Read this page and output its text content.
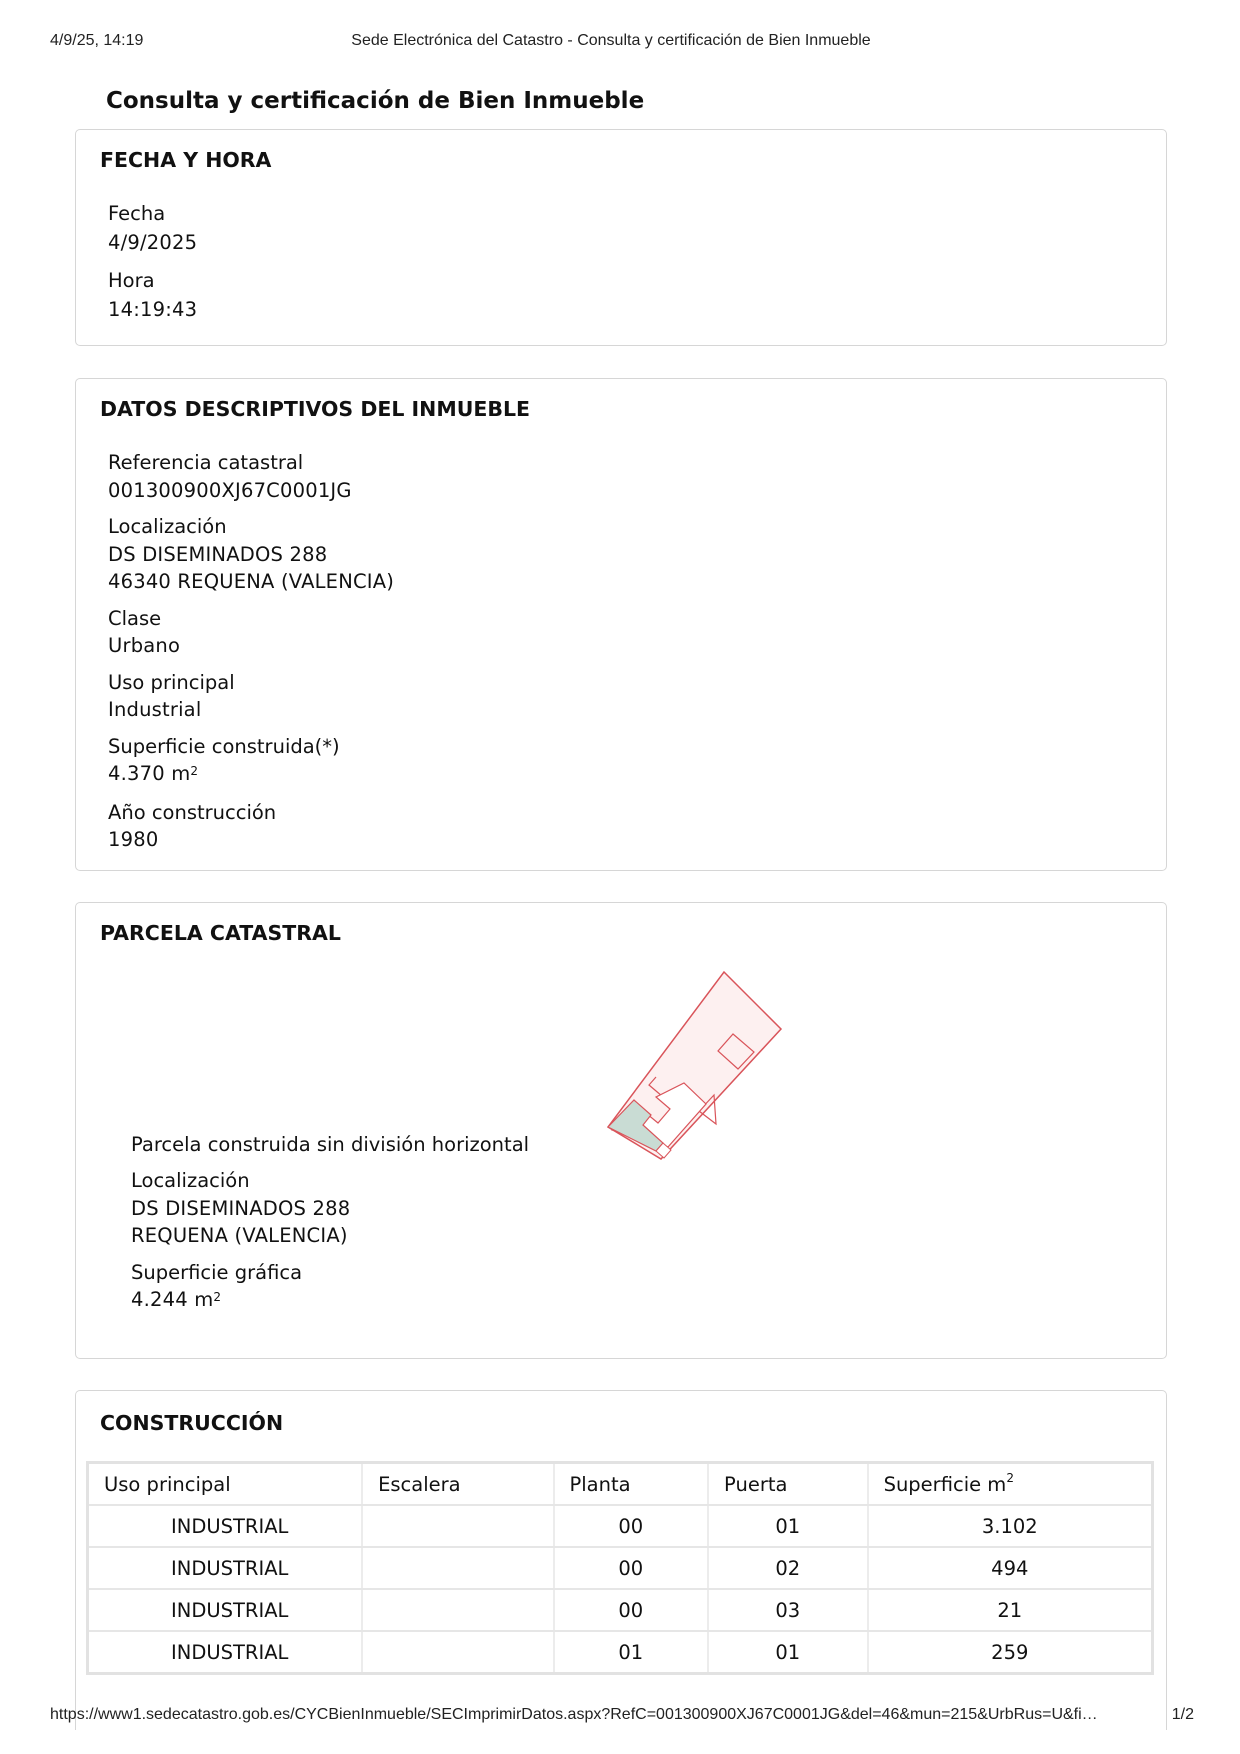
4/9/25, 14:19	Sede Electrónica del Catastro - Consulta y certificación de Bien Inmueble
Consulta y certificación de Bien Inmueble
FECHA Y HORA
Fecha
4/9/2025
Hora
14:19:43
DATOS DESCRIPTIVOS DEL INMUEBLE
Referencia catastral
001300900XJ67C0001JG
Localización
DS DISEMINADOS 288
46340 REQUENA (VALENCIA)
Clase
Urbano
Uso principal
Industrial
Superficie construida(*)
4.370 $m^2$
Año construcción
1980
PARCELA CATASTRAL
Parcela construida sin división horizontal
Localización
DS DISEMINADOS 288
REQUENA (VALENCIA)
Superficie gráfica
4.244 $m^2$
CONSTRUCCIÓN
Uso principal	Escalera	Planta	Puerta	Superficie $m^2$
INDUSTRIAL		00	01	3.102
INDUSTRIAL		00	02	494
INDUSTRIAL		00	03	21
INDUSTRIAL		01	01	259
https://www1.sedecatastro.gob.es/CYCBienInmueble/SECImprimirDatos.aspx?RefC=001300900XJ67C0001JG&del=46&mun=215&UrbRus=U&fi…	1/2
